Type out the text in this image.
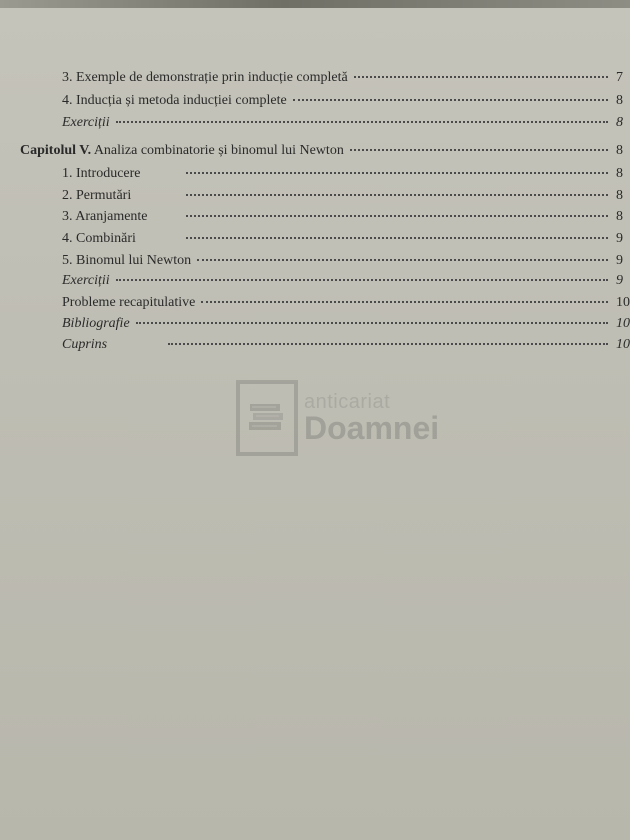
3. Exemple de demonstrație prin inducție completă	7
4. Inducția și metoda inducției complete	8
Exerciții	8
Capitolul V. Analiza combinatorie și binomul lui Newton	8
1. Introducere	8
2. Permutări	8
3. Aranjamente	8
4. Combinări	9
5. Binomul lui Newton	9
Exerciții	9
Probleme recapitulative	10
Bibliografie	10
Cuprins	10
anticariat
Doamnei
